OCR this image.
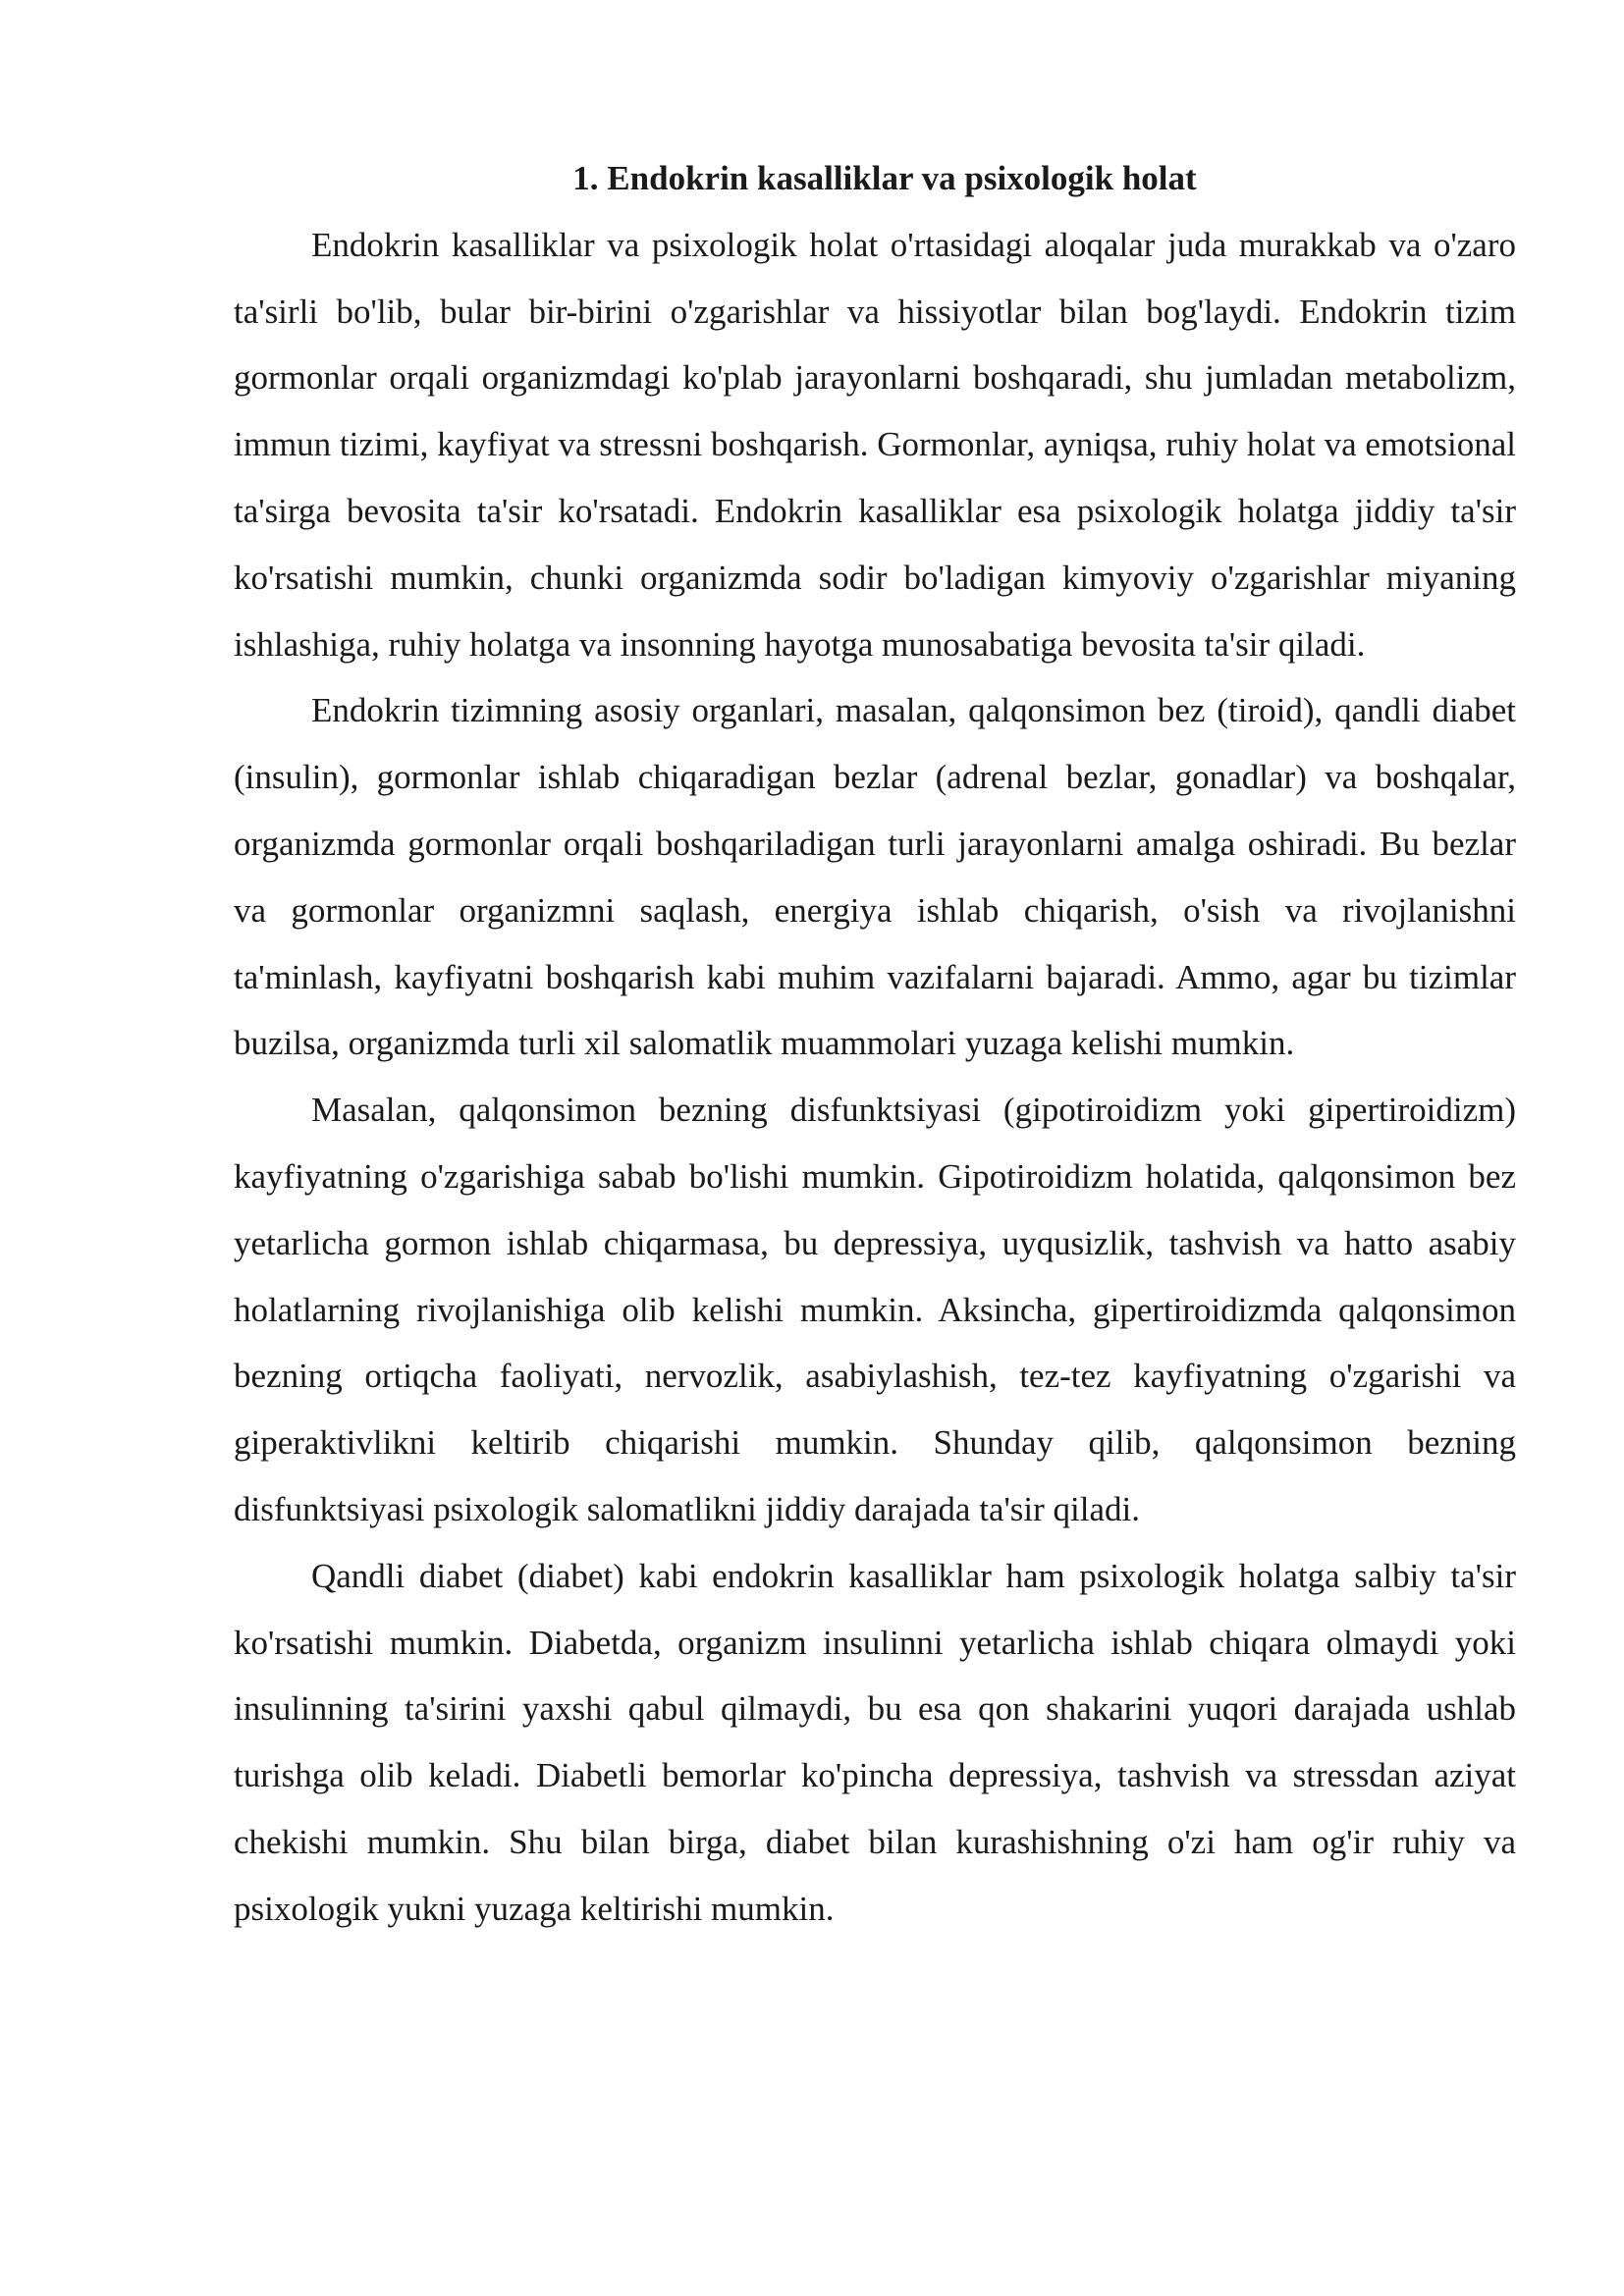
1. Endokrin kasalliklar va psixologik holat

Endokrin kasalliklar va psixologik holat o'rtasidagi aloqalar juda murakkab va o'zaro ta'sirli bo'lib, bular bir-birini o'zgarishlar va hissiyotlar bilan bog'laydi. Endokrin tizim gormonlar orqali organizmdagi ko'plab jarayonlarni boshqaradi, shu jumladan metabolizm, immun tizimi, kayfiyat va stressni boshqarish. Gormonlar, ayniqsa, ruhiy holat va emotsional ta'sirga bevosita ta'sir ko'rsatadi. Endokrin kasalliklar esa psixologik holatga jiddiy ta'sir ko'rsatishi mumkin, chunki organizmda sodir bo'ladigan kimyoviy o'zgarishlar miyaning ishlashiga, ruhiy holatga va insonning hayotga munosabatiga bevosita ta'sir qiladi.

Endokrin tizimning asosiy organlari, masalan, qalqonsimon bez (tiroid), qandli diabet (insulin), gormonlar ishlab chiqaradigan bezlar (adrenal bezlar, gonadlar) va boshqalar, organizmda gormonlar orqali boshqariladigan turli jarayonlarni amalga oshiradi. Bu bezlar va gormonlar organizmni saqlash, energiya ishlab chiqarish, o'sish va rivojlanishni ta'minlash, kayfiyatni boshqarish kabi muhim vazifalarni bajaradi. Ammo, agar bu tizimlar buzilsa, organizmda turli xil salomatlik muammolari yuzaga kelishi mumkin.

Masalan, qalqonsimon bezning disfunktsiyasi (gipotiroidizm yoki gipertiroidizm) kayfiyatning o'zgarishiga sabab bo'lishi mumkin. Gipotiroidizm holatida, qalqonsimon bez yetarlicha gormon ishlab chiqarmasa, bu depressiya, uyqusizlik, tashvish va hatto asabiy holatlarning rivojlanishiga olib kelishi mumkin. Aksincha, gipertiroidizmda qalqonsimon bezning ortiqcha faoliyati, nervozlik, asabiylashish, tez-tez kayfiyatning o'zgarishi va giperaktivlikni keltirib chiqarishi mumkin. Shunday qilib, qalqonsimon bezning disfunktsiyasi psixologik salomatlikni jiddiy darajada ta'sir qiladi.

Qandli diabet (diabet) kabi endokrin kasalliklar ham psixologik holatga salbiy ta'sir ko'rsatishi mumkin. Diabetda, organizm insulinni yetarlicha ishlab chiqara olmaydi yoki insulinning ta'sirini yaxshi qabul qilmaydi, bu esa qon shakarini yuqori darajada ushlab turishga olib keladi. Diabetli bemorlar ko'pincha depressiya, tashvish va stressdan aziyat chekishi mumkin. Shu bilan birga, diabet bilan kurashishning o'zi ham og'ir ruhiy va psixologik yukni yuzaga keltirishi mumkin.
